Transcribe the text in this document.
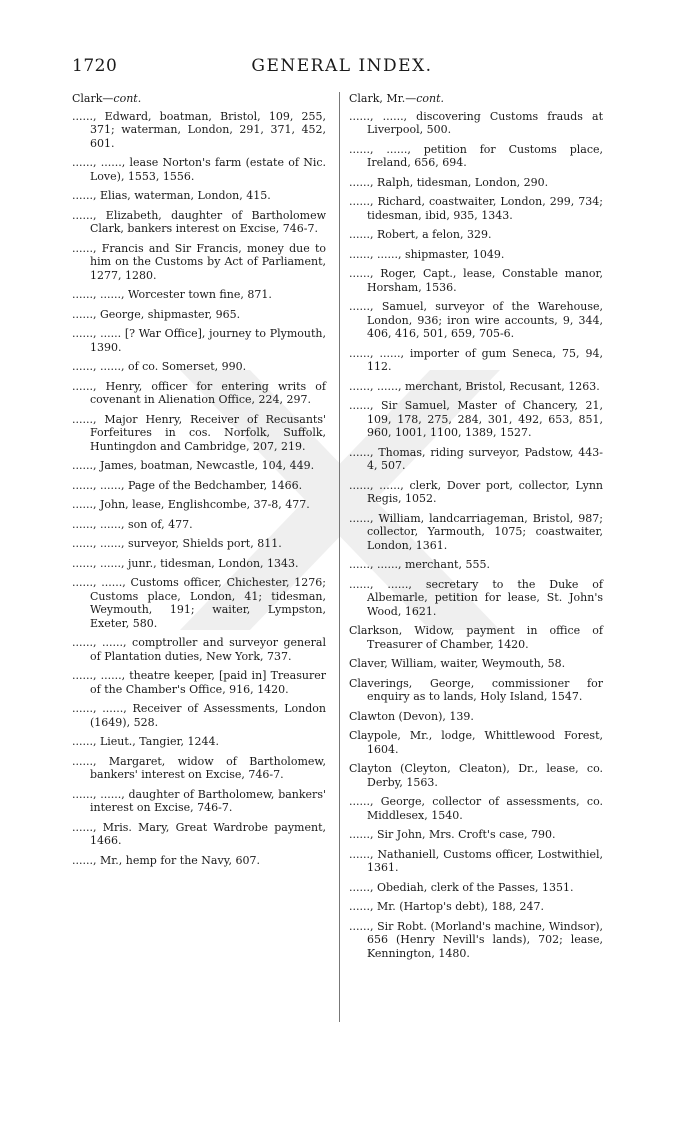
1720	GENERAL INDEX.
Clark—cont.
......, Edward, boatman, Bristol, 109, 255, 371; waterman, London, 291, 371, 452, 601.
......, ......, lease Norton's farm (estate of Nic. Love), 1553, 1556.
......, Elias, waterman, London, 415.
......, Elizabeth, daughter of Bartholomew Clark, bankers interest on Excise, 746-7.
......, Francis and Sir Francis, money due to him on the Customs by Act of Parliament, 1277, 1280.
......, ......, Worcester town fine, 871.
......, George, shipmaster, 965.
......, ...... [? War Office], journey to Plymouth, 1390.
......, ......, of co. Somerset, 990.
......, Henry, officer for entering writs of covenant in Alienation Office, 224, 297.
......, Major Henry, Receiver of Recusants' Forfeitures in cos. Norfolk, Suffolk, Huntingdon and Cambridge, 207, 219.
......, James, boatman, Newcastle, 104, 449.
......, ......, Page of the Bedchamber, 1466.
......, John, lease, Englishcombe, 37-8, 477.
......, ......, son of, 477.
......, ......, surveyor, Shields port, 811.
......, ......, junr., tidesman, London, 1343.
......, ......, Customs officer, Chichester, 1276; Customs place, London, 41; tidesman, Weymouth, 191; waiter, Lympston, Exeter, 580.
......, ......, comptroller and surveyor general of Plantation duties, New York, 737.
......, ......, theatre keeper, [paid in] Treasurer of the Chamber's Office, 916, 1420.
......, ......, Receiver of Assessments, London (1649), 528.
......, Lieut., Tangier, 1244.
......, Margaret, widow of Bartholomew, bankers' interest on Excise, 746-7.
......, ......, daughter of Bartholomew, bankers' interest on Excise, 746-7.
......, Mris. Mary, Great Wardrobe payment, 1466.
......, Mr., hemp for the Navy, 607.
Clark, Mr.—cont.
......, ......, discovering Customs frauds at Liverpool, 500.
......, ......, petition for Customs place, Ireland, 656, 694.
......, Ralph, tidesman, London, 290.
......, Richard, coastwaiter, London, 299, 734; tidesman, ibid, 935, 1343.
......, Robert, a felon, 329.
......, ......, shipmaster, 1049.
......, Roger, Capt., lease, Constable manor, Horsham, 1536.
......, Samuel, surveyor of the Warehouse, London, 936; iron wire accounts, 9, 344, 406, 416, 501, 659, 705-6.
......, ......, importer of gum Seneca, 75, 94, 112.
......, ......, merchant, Bristol, Recusant, 1263.
......, Sir Samuel, Master of Chancery, 21, 109, 178, 275, 284, 301, 492, 653, 851, 960, 1001, 1100, 1389, 1527.
......, Thomas, riding surveyor, Padstow, 443-4, 507.
......, ......, clerk, Dover port, collector, Lynn Regis, 1052.
......, William, landcarriageman, Bristol, 987; collector, Yarmouth, 1075; coastwaiter, London, 1361.
......, ......, merchant, 555.
......, ......, secretary to the Duke of Albemarle, petition for lease, St. John's Wood, 1621.
Clarkson, Widow, payment in office of Treasurer of Chamber, 1420.
Claver, William, waiter, Weymouth, 58.
Claverings, George, commissioner for enquiry as to lands, Holy Island, 1547.
Clawton (Devon), 139.
Claypole, Mr., lodge, Whittlewood Forest, 1604.
Clayton (Cleyton, Cleaton), Dr., lease, co. Derby, 1563.
......, George, collector of assessments, co. Middlesex, 1540.
......, Sir John, Mrs. Croft's case, 790.
......, Nathaniell, Customs officer, Lostwithiel, 1361.
......, Obediah, clerk of the Passes, 1351.
......, Mr. (Hartop's debt), 188, 247.
......, Sir Robt. (Morland's machine, Windsor), 656 (Henry Nevill's lands), 702; lease, Kennington, 1480.
